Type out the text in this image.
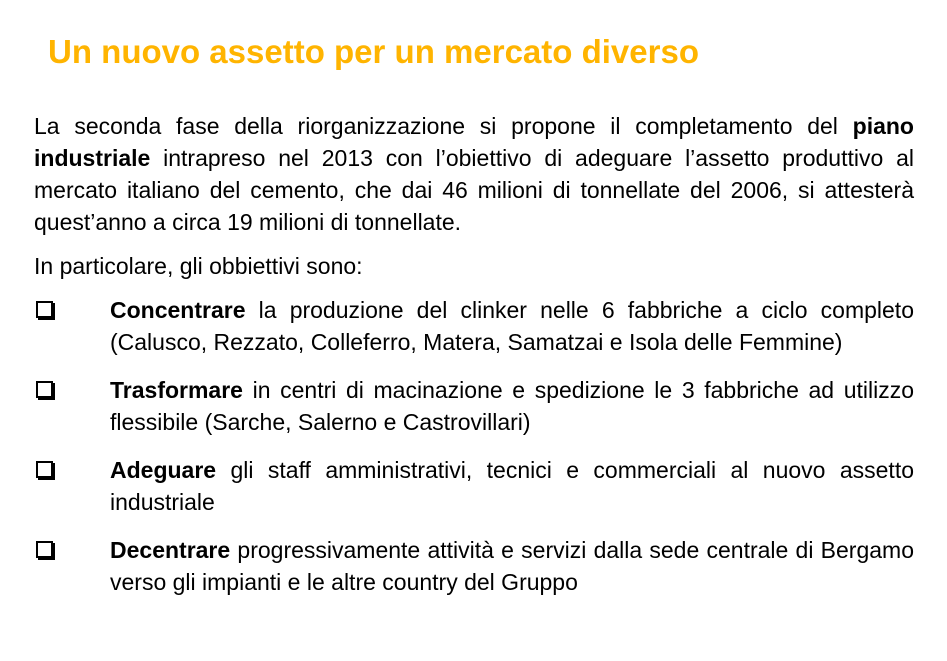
Un nuovo assetto per un mercato diverso

La seconda fase della riorganizzazione si propone il completamento del piano industriale intrapreso nel 2013 con l’obiettivo di adeguare l’assetto produttivo al mercato italiano del cemento, che dai 46 milioni di tonnellate del 2006, si attesterà quest’anno a circa 19 milioni di tonnellate.

In particolare, gli obbiettivi sono:

Concentrare la produzione del clinker nelle 6 fabbriche a ciclo completo (Calusco, Rezzato, Colleferro, Matera, Samatzai e Isola delle Femmine)
Trasformare in centri di macinazione e spedizione le 3 fabbriche ad utilizzo flessibile (Sarche, Salerno e Castrovillari)
Adeguare gli staff amministrativi, tecnici e commerciali al nuovo assetto industriale
Decentrare progressivamente attività e servizi dalla sede centrale di Bergamo verso gli impianti e le altre country del Gruppo
